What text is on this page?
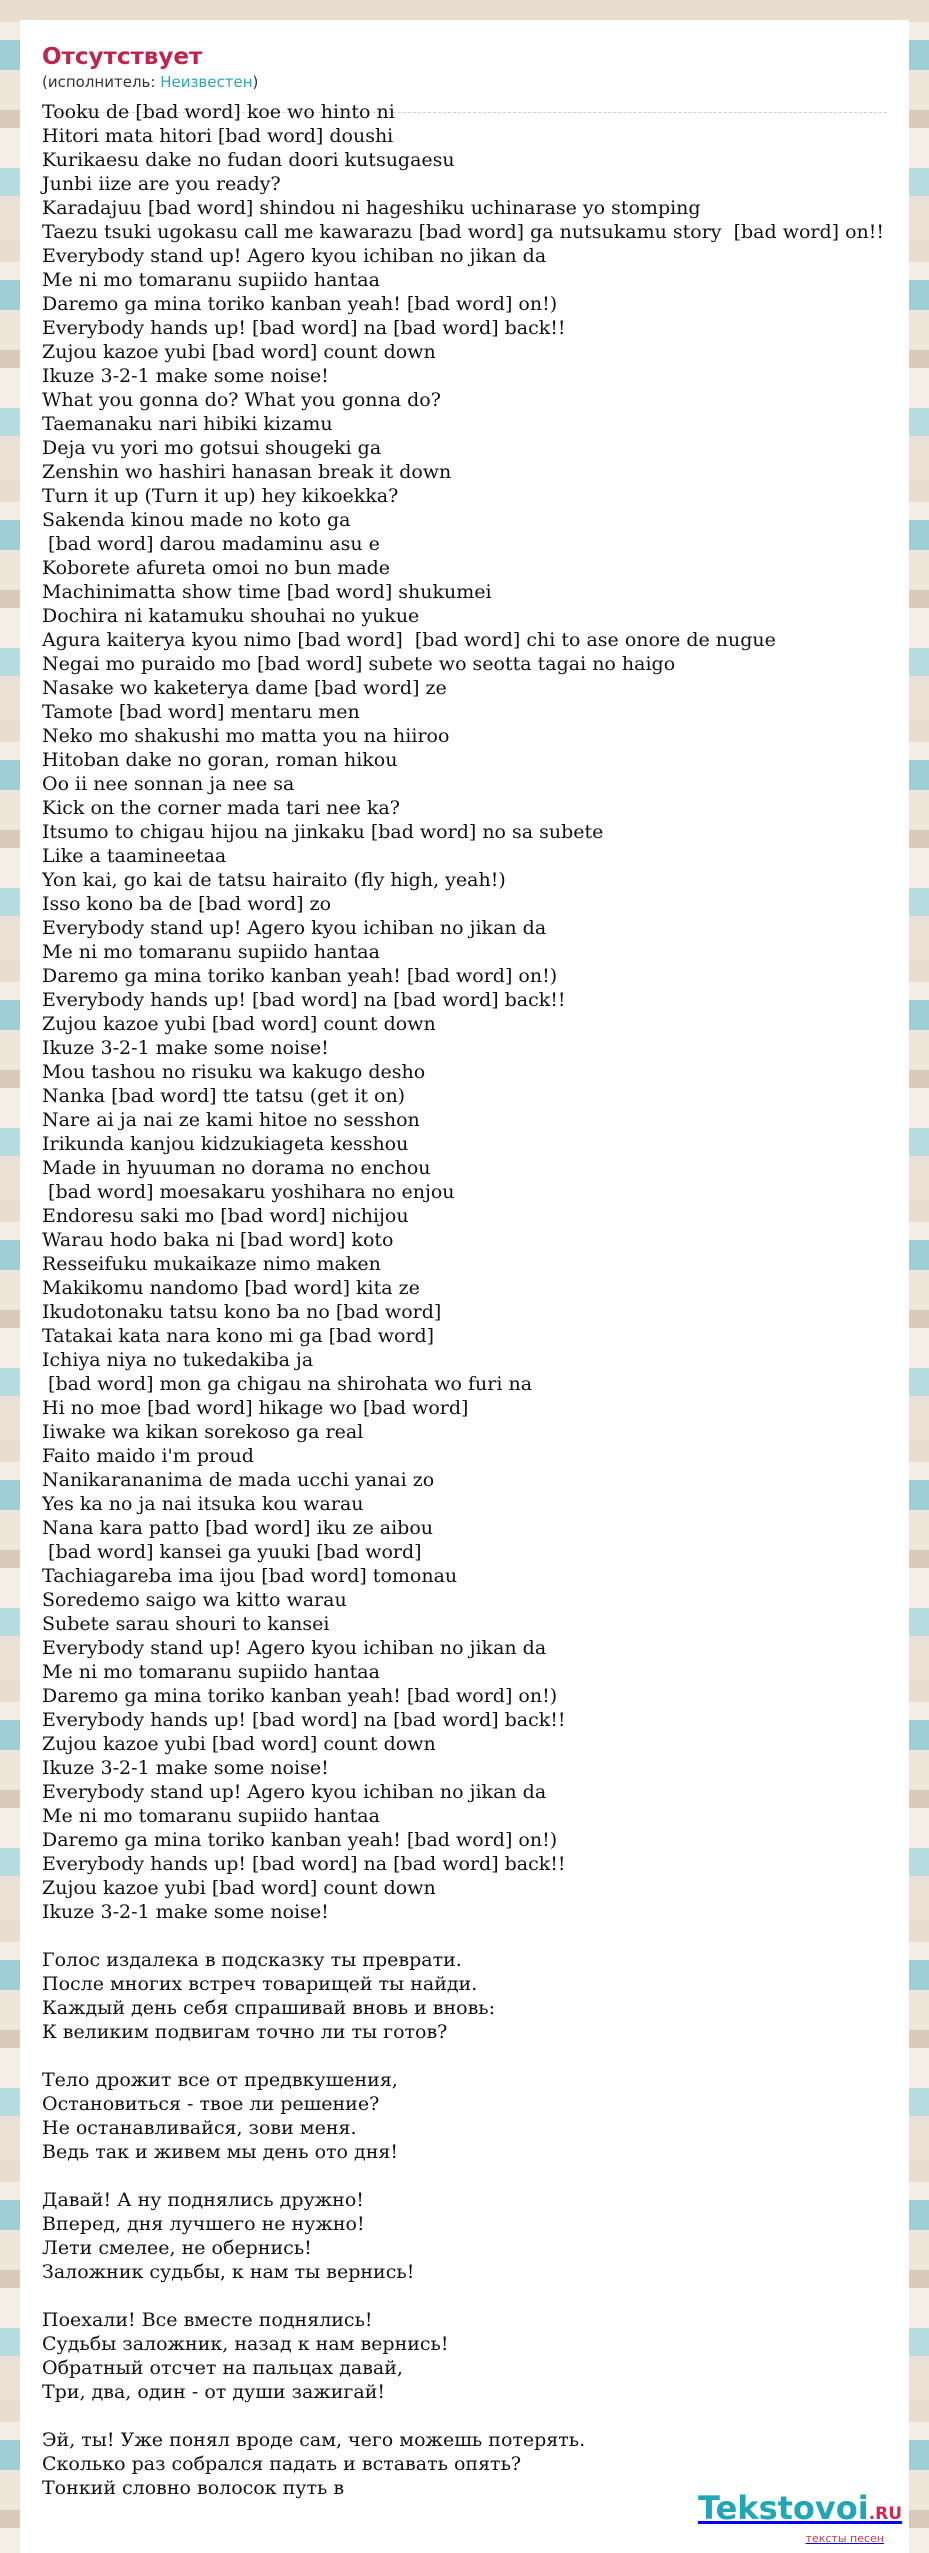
Отсутствует
(исполнитель: Неизвестен)
Tooku de [bad word] koe wo hinto ni
Hitori mata hitori [bad word] doushi
Kurikaesu dake no fudan doori kutsugaesu
Junbi iize are you ready?
Karadajuu [bad word] shindou ni hageshiku uchinarase yo stomping
Taezu tsuki ugokasu call me kawarazu [bad word] ga nutsukamu story  [bad word] on!!
Everybody stand up! Agero kyou ichiban no jikan da
Me ni mo tomaranu supiido hantaa
Daremo ga mina toriko kanban yeah! [bad word] on!)
Everybody hands up! [bad word] na [bad word] back!!
Zujou kazoe yubi [bad word] count down
Ikuze 3-2-1 make some noise!
What you gonna do? What you gonna do?
Taemanaku nari hibiki kizamu
Deja vu yori mo gotsui shougeki ga
Zenshin wo hashiri hanasan break it down
Turn it up (Turn it up) hey kikoekka?
Sakenda kinou made no koto ga
[bad word] darou madaminu asu e
Koborete afureta omoi no bun made
Machinimatta show time [bad word] shukumei
Dochira ni katamuku shouhai no yukue
Agura kaiterya kyou nimo [bad word]  [bad word] chi to ase onore de nugue
Negai mo puraido mo [bad word] subete wo seotta tagai no haigo
Nasake wo kaketerya dame [bad word] ze
Tamote [bad word] mentaru men
Neko mo shakushi mo matta you na hiiroo
Hitoban dake no goran, roman hikou
Oo ii nee sonnan ja nee sa
Kick on the corner mada tari nee ka?
Itsumo to chigau hijou na jinkaku [bad word] no sa subete
Like a taamineetaa
Yon kai, go kai de tatsu hairaito (fly high, yeah!)
Isso kono ba de [bad word] zo
Everybody stand up! Agero kyou ichiban no jikan da
Me ni mo tomaranu supiido hantaa
Daremo ga mina toriko kanban yeah! [bad word] on!)
Everybody hands up! [bad word] na [bad word] back!!
Zujou kazoe yubi [bad word] count down
Ikuze 3-2-1 make some noise!
Mou tashou no risuku wa kakugo desho
Nanka [bad word] tte tatsu (get it on)
Nare ai ja nai ze kami hitoe no sesshon
Irikunda kanjou kidzukiageta kesshou
Made in hyuuman no dorama no enchou
[bad word] moesakaru yoshihara no enjou
Endoresu saki mo [bad word] nichijou
Warau hodo baka ni [bad word] koto
Resseifuku mukaikaze nimo maken
Makikomu nandomo [bad word] kita ze
Ikudotonaku tatsu kono ba no [bad word]
Tatakai kata nara kono mi ga [bad word]
Ichiya niya no tukedakiba ja
[bad word] mon ga chigau na shirohata wo furi na
Hi no moe [bad word] hikage wo [bad word]
Iiwake wa kikan sorekoso ga real
Faito maido i'm proud
Nanikarananima de mada ucchi yanai zo
Yes ka no ja nai itsuka kou warau
Nana kara patto [bad word] iku ze aibou
[bad word] kansei ga yuuki [bad word]
Tachiagareba ima ijou [bad word] tomonau
Soredemo saigo wa kitto warau
Subete sarau shouri to kansei
Everybody stand up! Agero kyou ichiban no jikan da
Me ni mo tomaranu supiido hantaa
Daremo ga mina toriko kanban yeah! [bad word] on!)
Everybody hands up! [bad word] na [bad word] back!!
Zujou kazoe yubi [bad word] count down
Ikuze 3-2-1 make some noise!
Everybody stand up! Agero kyou ichiban no jikan da
Me ni mo tomaranu supiido hantaa
Daremo ga mina toriko kanban yeah! [bad word] on!)
Everybody hands up! [bad word] na [bad word] back!!
Zujou kazoe yubi [bad word] count down
Ikuze 3-2-1 make some noise!

Голос издалека в подсказку ты преврати.
После многих встреч товарищей ты найди.
Каждый день себя спрашивай вновь и вновь:
К великим подвигам точно ли ты готов?

Тело дрожит все от предвкушения,
Остановиться - твое ли решение?
Не останавливайся, зови меня.
Ведь так и живем мы день ото дня!

Давай! А ну поднялись дружно!
Вперед, дня лучшего не нужно!
Лети смелее, не обернись!
Заложник судьбы, к нам ты вернись!

Поехали! Все вместе поднялись!
Судьбы заложник, назад к нам вернись!
Обратный отсчет на пальцах давай,
Три, два, один - от души зажигай!

Эй, ты! Уже понял вроде сам, чего можешь потерять.
Сколько раз собрался падать и вставать опять?
Тонкий словно волосок путь в
Tekstovoi.RU
тексты песен
